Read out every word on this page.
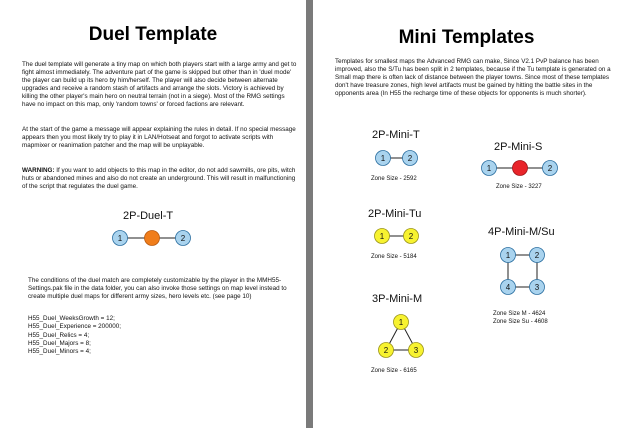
Duel Template

The duel template will generate a tiny map on which both players start with a large army and get to fight almost immediately. The adventure part of the game is skipped but other than in 'duel mode' the player can build up its hero by him/herself. The player will also decide between alternate upgrades and receive a random stash of artifacts and arrange the slots. Victory is achieved by killing the other player's main hero on neutral terrain (not in a siege). Most of the RMG settings have no impact on this map, only 'random towns' or forced factions are relevant.

At the start of the game a message will appear explaining the rules in detail. If no special message appears then you most likely try to play it in LAN/Hotseat and forgot to activate scripts with mapmixer or reanimation patcher and the map will be unplayable.

WARNING: If you want to add objects to this map in the editor, do not add sawmills, ore pits, witch huts or abandoned mines and also do not create an underground. This will result in malfunctioning of the script that regulates the duel game.

2P-Duel-T
1	2

The conditions of the duel match are completely customizable by the player in the MMH55-Settings.pak file in the data folder, you can also invoke those settings on map level instead to create multiple duel maps for different army sizes, hero levels etc. (see page 10)

H55_Duel_WeeksGrowth = 12;
H55_Duel_Experience = 200000;
H55_Duel_Relics = 4;
H55_Duel_Majors = 8;
H55_Duel_Minors = 4;
Mini Templates

Templates for smallest maps the Advanced RMG can make, Since V2.1 PvP balance has been improved, also the S/Tu has been split in 2 templates, because if the Tu template is generated on a Small map there is often lack of distance between the player towns. Since most of these templates don't have treasure zones, high level artifacts must be gained by hitting the battle sites in the opponents area (In H55 the recharge time of these objects for opponents is much shorter).

2P-Mini-T
1	2
Zone Size - 2592
2P-Mini-S
1	2
Zone Size - 3227
2P-Mini-Tu
1	2
Zone Size - 5184
4P-Mini-M/Su
1	2
4	3
Zone Size M - 4624
Zone Size Su - 4608
3P-Mini-M
1
2	3
Zone Size - 6165
